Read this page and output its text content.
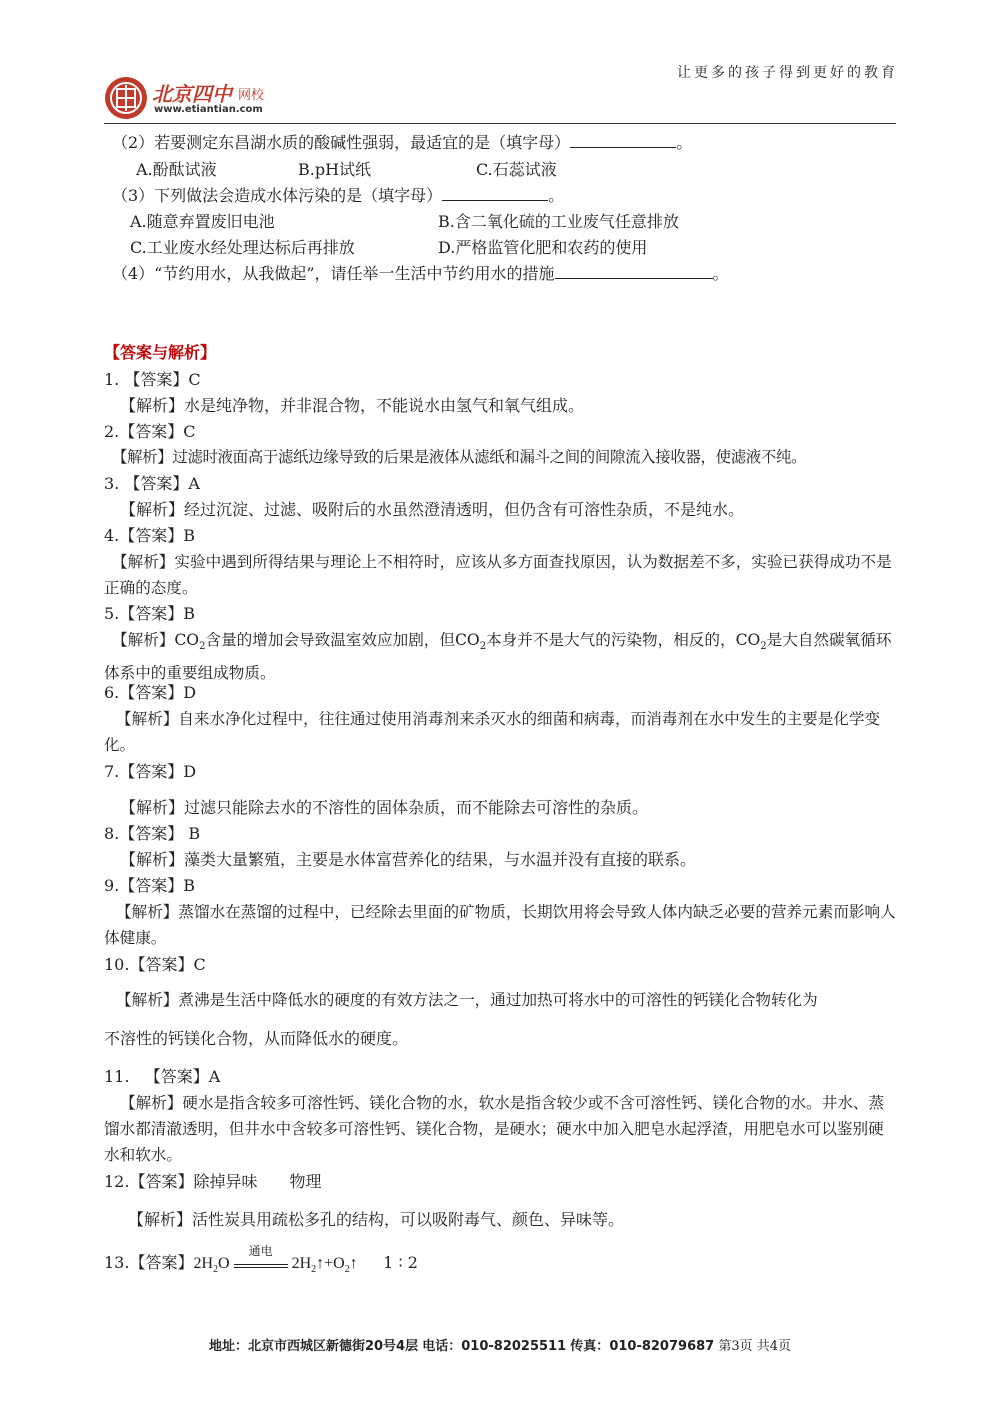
北京四中 网校
www.etiantian.com
让更多的孩子得到更好的教育
（2）若要测定东昌湖水质的酸碱性强弱，最适宜的是（填字母）	。
A.酚酞试液	B.pH试纸	C.石蕊试液
（3）下列做法会造成水体污染的是（填字母）	。
A.随意弃置废旧电池	B.含二氧化硫的工业废气任意排放
C.工业废水经处理达标后再排放	D.严格监管化肥和农药的使用
（4）“节约用水，从我做起”，请任举一生活中节约用水的措施	。
【答案与解析】
1. 【答案】C
【解析】水是纯净物，并非混合物，不能说水由氢气和氧气组成。
2.【答案】C
【解析】过滤时液面高于滤纸边缘导致的后果是液体从滤纸和漏斗之间的间隙流入接收器，使滤液不纯。
3. 【答案】A
【解析】经过沉淀、过滤、吸附后的水虽然澄清透明，但仍含有可溶性杂质，不是纯水。
4.【答案】B
【解析】实验中遇到所得结果与理论上不相符时，应该从多方面查找原因，认为数据差不多，实验已获得成功不是正确的态度。
5.【答案】B
【解析】$CO_2$含量的增加会导致温室效应加剧，但$CO_2$本身并不是大气的污染物，相反的，$CO_2$是大自然碳氧循环体系中的重要组成物质。
6.【答案】D
【解析】自来水净化过程中，往往通过使用消毒剂来杀灭水的细菌和病毒，而消毒剂在水中发生的主要是化学变化。
7.【答案】D
【解析】过滤只能除去水的不溶性的固体杂质，而不能除去可溶性的杂质。
8.【答案】 B
【解析】藻类大量繁殖，主要是水体富营养化的结果，与水温并没有直接的联系。
9.【答案】B
【解析】蒸馏水在蒸馏的过程中，已经除去里面的矿物质，长期饮用将会导致人体内缺乏必要的营养元素而影响人体健康。
10.【答案】C
【解析】煮沸是生活中降低水的硬度的有效方法之一，通过加热可将水中的可溶性的钙镁化合物转化为
不溶性的钙镁化合物，从而降低水的硬度。
11. 【答案】A
【解析】硬水是指含较多可溶性钙、镁化合物的水，软水是指含较少或不含可溶性钙、镁化合物的水。井水、蒸馏水都清澈透明，但井水中含较多可溶性钙、镁化合物，是硬水；硬水中加入肥皂水起浮渣，用肥皂水可以鉴别硬水和软水。
12.【答案】除掉异味　　物理
【解析】活性炭具用疏松多孔的结构，可以吸附毒气、颜色、异味等。
13.【答案】$2H_2O$
通电
$2H_2↑+O_2↑$ 1 ∶ 2
地址：北京市西城区新德街20号4层 电话：010-82025511 传真：010-82079687 第3页 共4页
